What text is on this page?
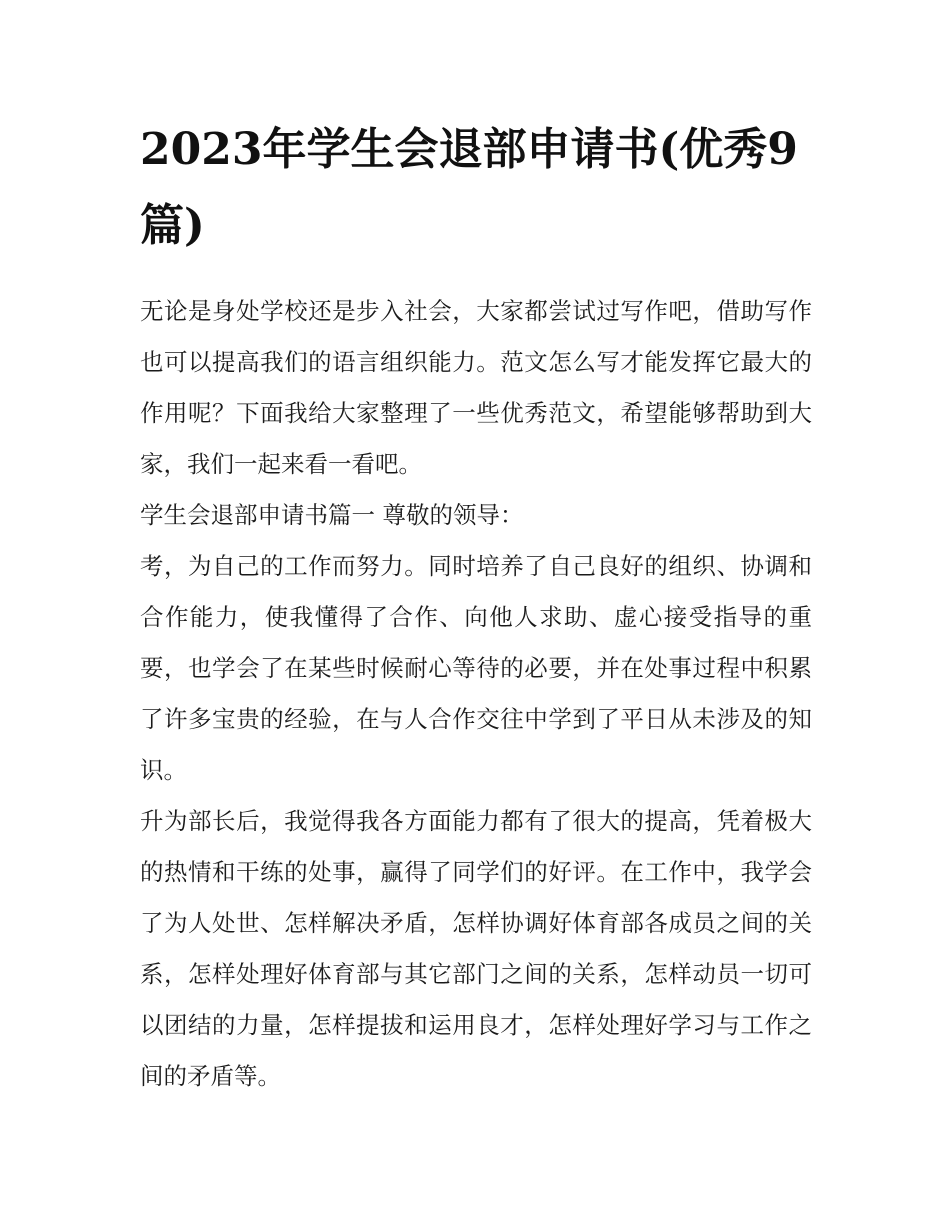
2023年学生会退部申请书(优秀9篇)

无论是身处学校还是步入社会，大家都尝试过写作吧，借助写作也可以提高我们的语言组织能力。范文怎么写才能发挥它最大的作用呢？下面我给大家整理了一些优秀范文，希望能够帮助到大家，我们一起来看一看吧。

学生会退部申请书篇一 尊敬的领导：

考，为自己的工作而努力。同时培养了自己良好的组织、协调和合作能力，使我懂得了合作、向他人求助、虚心接受指导的重要，也学会了在某些时候耐心等待的必要，并在处事过程中积累了许多宝贵的经验，在与人合作交往中学到了平日从未涉及的知识。

升为部长后，我觉得我各方面能力都有了很大的提高，凭着极大的热情和干练的处事，赢得了同学们的好评。在工作中，我学会了为人处世、怎样解决矛盾，怎样协调好体育部各成员之间的关系，怎样处理好体育部与其它部门之间的关系，怎样动员一切可以团结的力量，怎样提拔和运用良才，怎样处理好学习与工作之间的矛盾等。
